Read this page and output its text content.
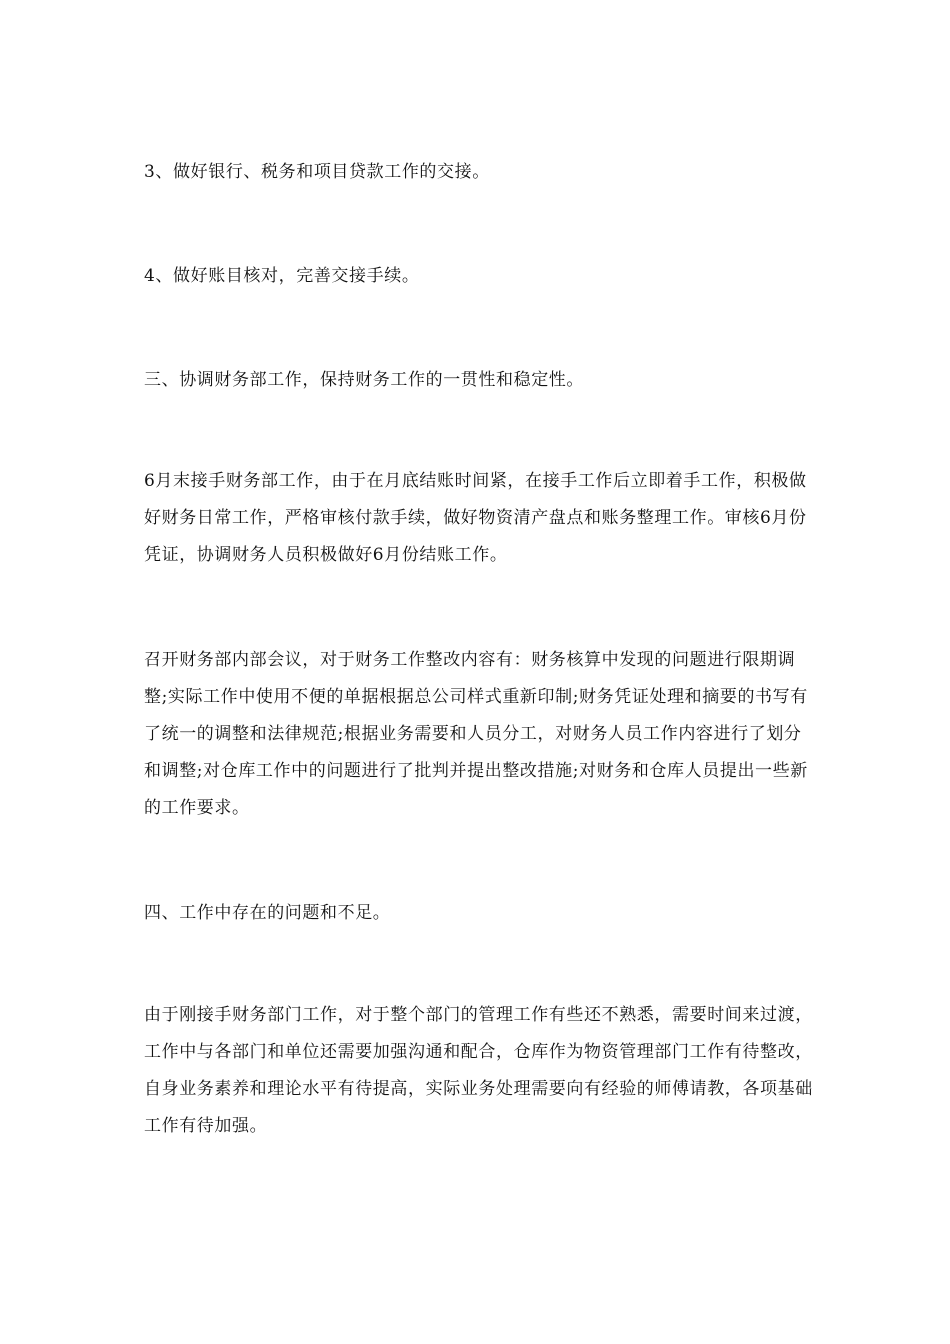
3、做好银行、税务和项目贷款工作的交接。

4、做好账目核对，完善交接手续。

三、协调财务部工作，保持财务工作的一贯性和稳定性。

6月末接手财务部工作，由于在月底结账时间紧，在接手工作后立即着手工作，积极做好财务日常工作，严格审核付款手续，做好物资清产盘点和账务整理工作。审核6月份凭证，协调财务人员积极做好6月份结账工作。

召开财务部内部会议，对于财务工作整改内容有：财务核算中发现的问题进行限期调整;实际工作中使用不便的单据根据总公司样式重新印制;财务凭证处理和摘要的书写有了统一的调整和法律规范;根据业务需要和人员分工，对财务人员工作内容进行了划分和调整;对仓库工作中的问题进行了批判并提出整改措施;对财务和仓库人员提出一些新的工作要求。

四、工作中存在的问题和不足。

由于刚接手财务部门工作，对于整个部门的管理工作有些还不熟悉，需要时间来过渡，工作中与各部门和单位还需要加强沟通和配合，仓库作为物资管理部门工作有待整改，自身业务素养和理论水平有待提高，实际业务处理需要向有经验的师傅请教，各项基础工作有待加强。
